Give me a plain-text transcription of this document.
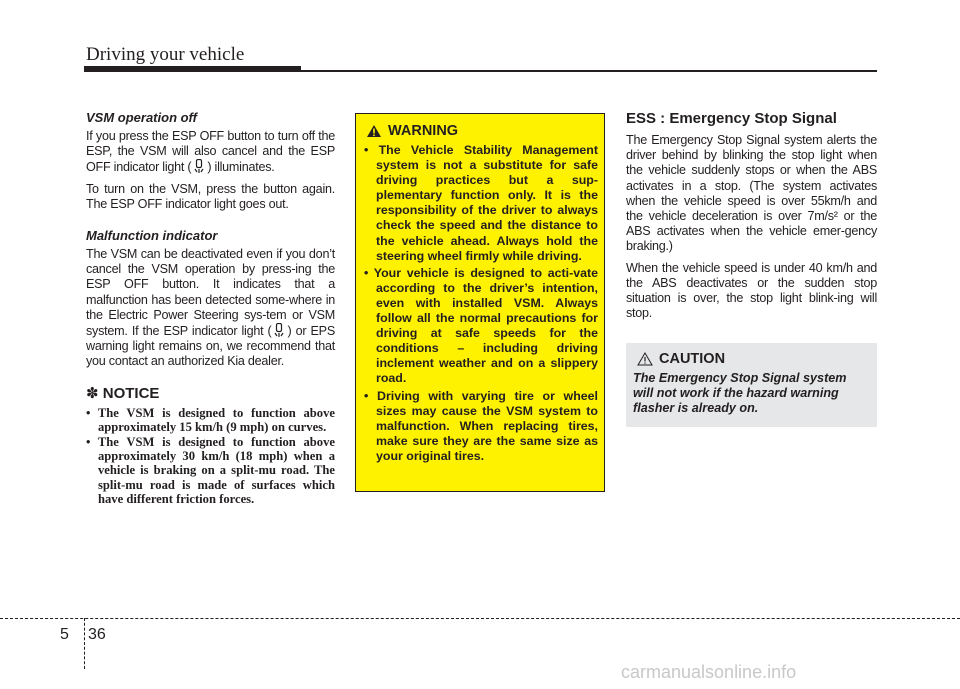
Driving your vehicle

VSM operation off

If you press the ESP OFF button to turn off the ESP, the VSM will also cancel and the ESP OFF indicator light ( ) illuminates.

To turn on the VSM, press the button again. The ESP OFF indicator light goes out.

Malfunction indicator

The VSM can be deactivated even if you don’t cancel the VSM operation by press-ing the ESP OFF button. It indicates that a malfunction has been detected some-where in the Electric Power Steering sys-tem or VSM system. If the ESP indicator light ( ) or EPS warning light remains on, we recommend that you contact an authorized Kia dealer.

✽ NOTICE
• The VSM is designed to function above approximately 15 km/h (9 mph) on curves.
• The VSM is designed to function above approximately 30 km/h (18 mph) when a vehicle is braking on a split-mu road. The split-mu road is made of surfaces which have different friction forces.
WARNING
• The Vehicle Stability Management system is not a substitute for safe driving practices but a sup-plementary function only. It is the responsibility of the driver to always check the speed and the distance to the vehicle ahead. Always hold the steering wheel firmly while driving.
• Your vehicle is designed to acti-vate according to the driver’s intention, even with installed VSM. Always follow all the normal precautions for driving at safe speeds for the conditions – including driving inclement weather and on a slippery road.
• Driving with varying tire or wheel sizes may cause the VSM system to malfunction. When replacing tires, make sure they are the same size as your original tires.

ESS : Emergency Stop Signal

The Emergency Stop Signal system alerts the driver behind by blinking the stop light when the vehicle suddenly stops or when the ABS activates in a stop. (The system activates when the vehicle speed is over 55km/h and the vehicle deceleration is over 7m/s² or the ABS activates when the vehicle emer-gency braking.)

When the vehicle speed is under 40 km/h and the ABS deactivates or the sudden stop situation is over, the stop light blink-ing will stop.

CAUTION

The Emergency Stop Signal system will not work if the hazard warning flasher is already on.

5 36
carmanualsonline.info
